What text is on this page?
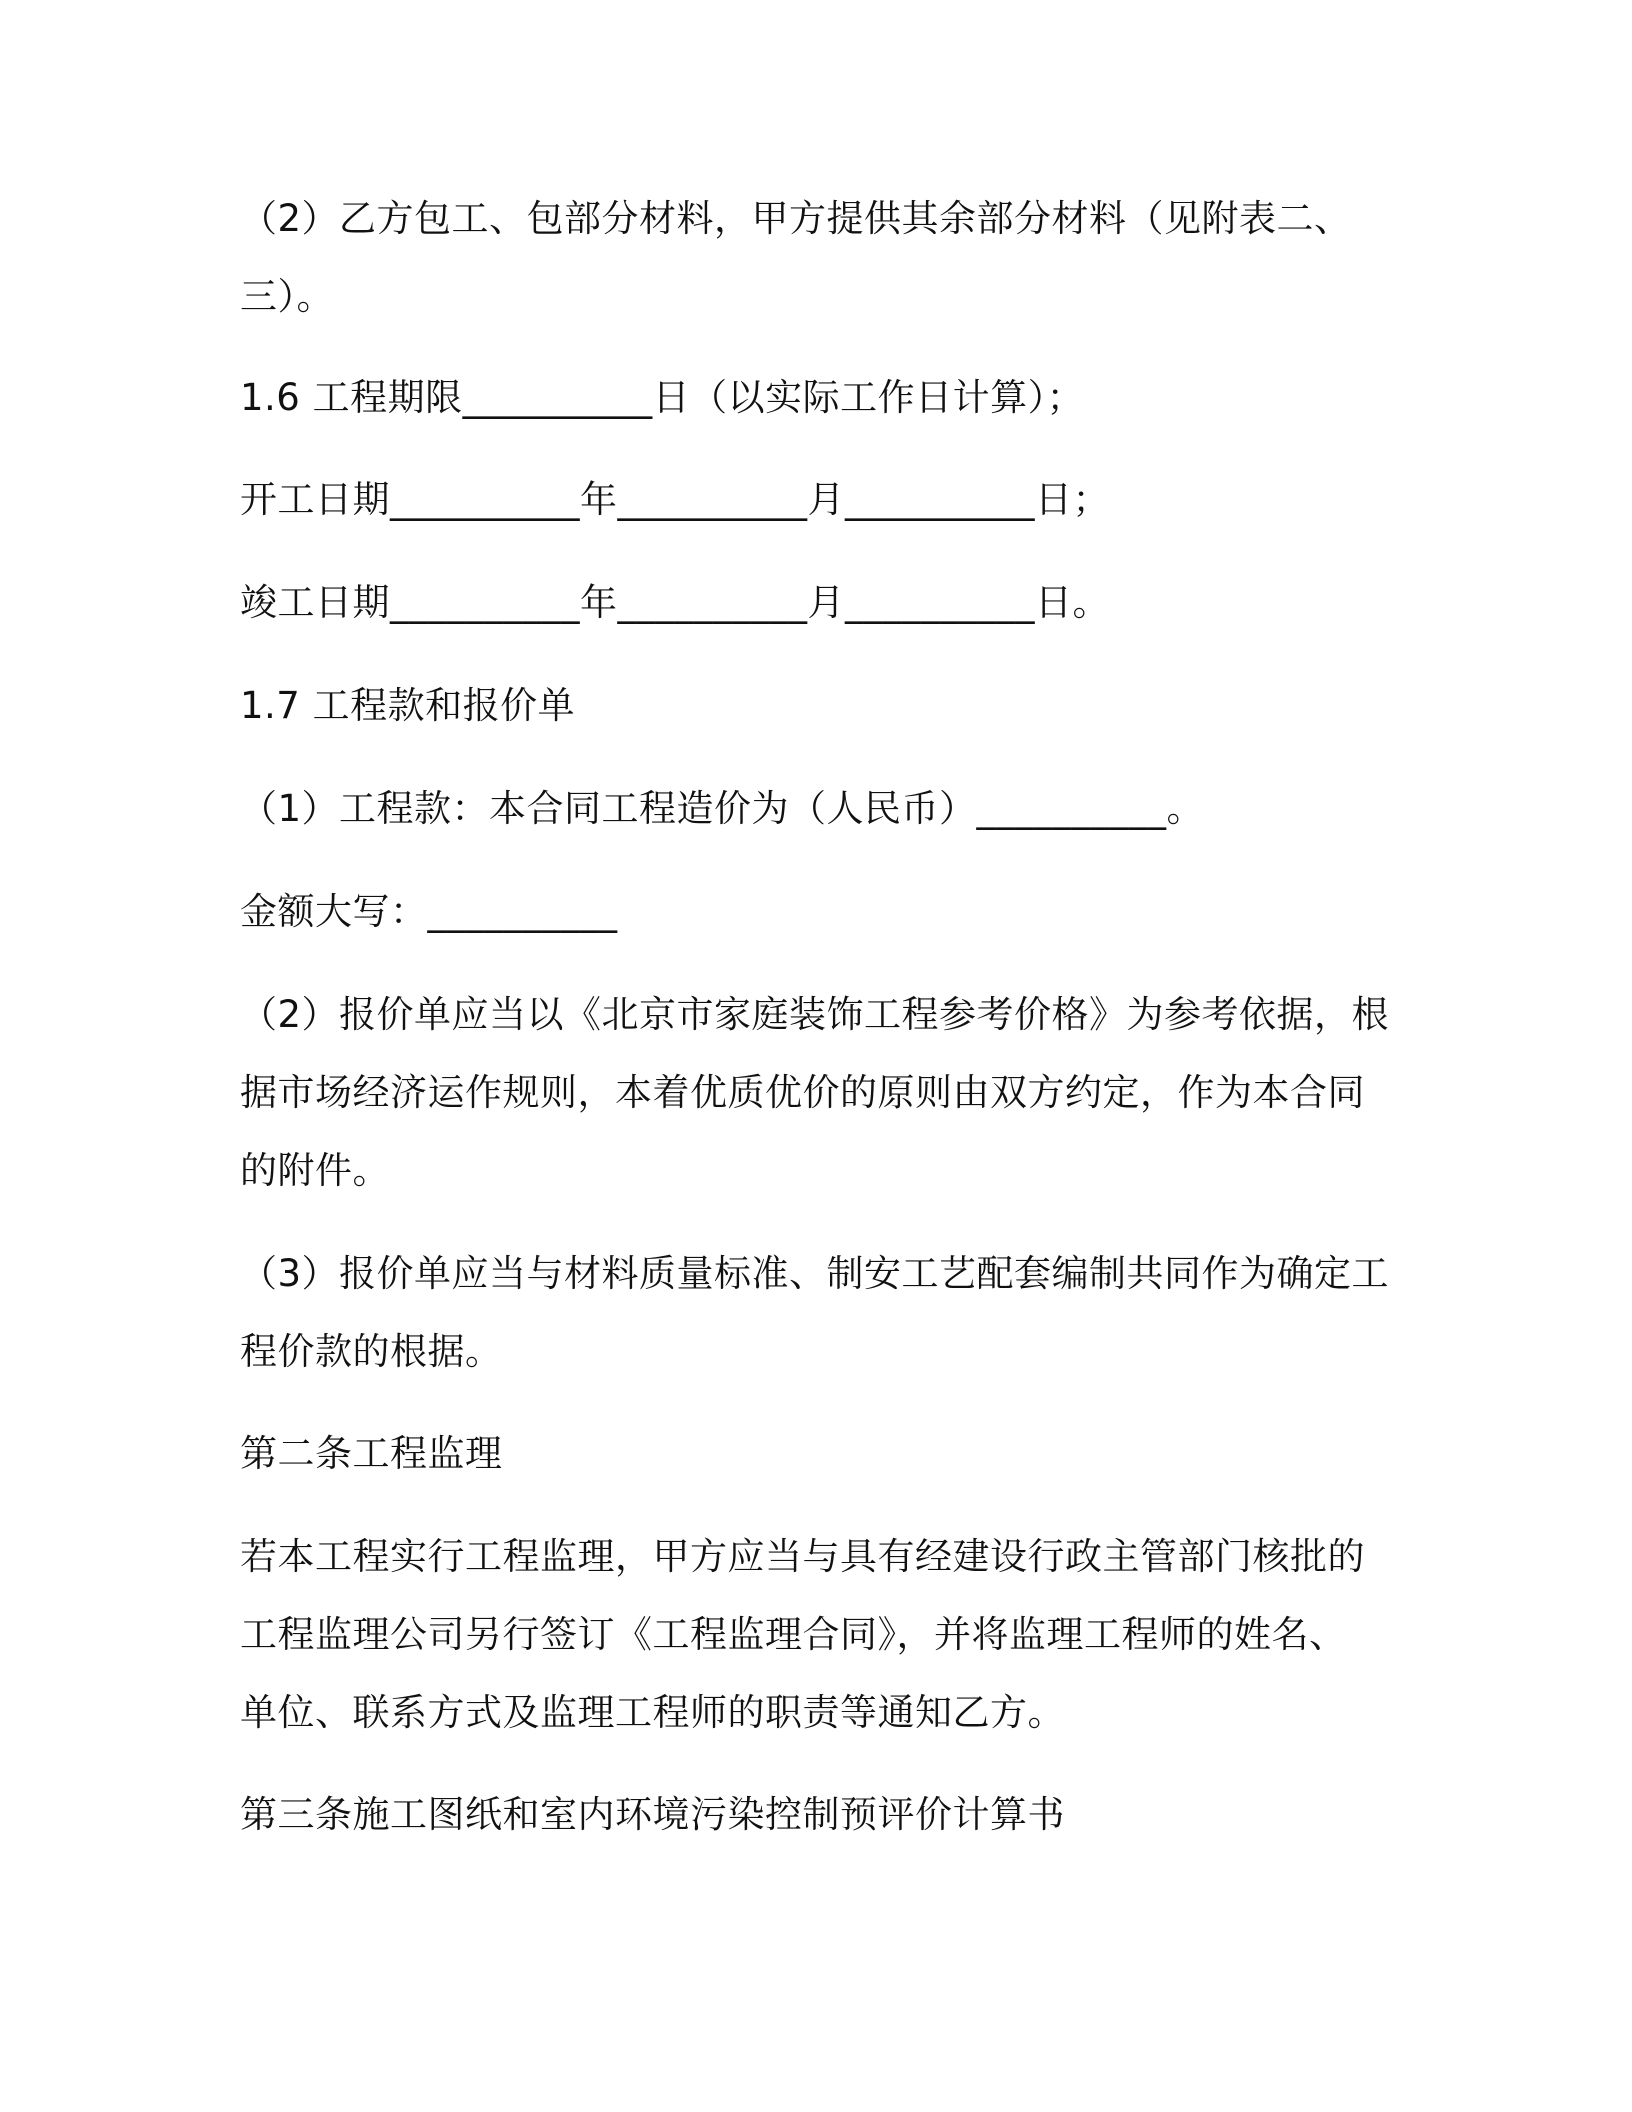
（2）乙方包工、包部分材料，甲方提供其余部分材料（见附表二、
三）。
1.6 工程期限__________日（以实际工作日计算）；
开工日期__________年__________月__________日；
竣工日期__________年__________月__________日。
1.7 工程款和报价单
（1）工程款：本合同工程造价为（人民币）__________。
金额大写：__________
（2）报价单应当以《北京市家庭装饰工程参考价格》为参考依据，根
据市场经济运作规则，本着优质优价的原则由双方约定，作为本合同
的附件。
（3）报价单应当与材料质量标准、制安工艺配套编制共同作为确定工
程价款的根据。
第二条工程监理
若本工程实行工程监理，甲方应当与具有经建设行政主管部门核批的
工程监理公司另行签订《工程监理合同》，并将监理工程师的姓名、
单位、联系方式及监理工程师的职责等通知乙方。
第三条施工图纸和室内环境污染控制预评价计算书
